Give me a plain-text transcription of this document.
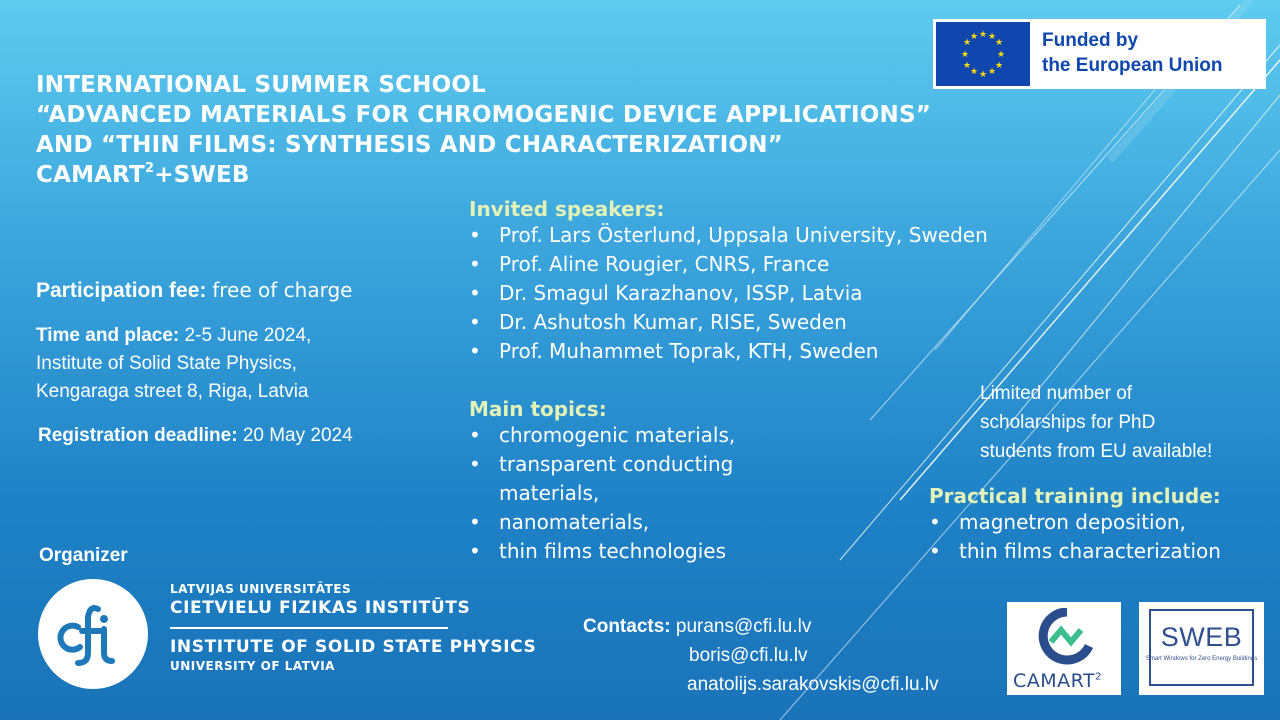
INTERNATIONAL SUMMER SCHOOL
“ADVANCED MATERIALS FOR CHROMOGENIC DEVICE APPLICATIONS”
AND “THIN FILMS: SYNTHESIS AND CHARACTERIZATION”
$CAMART^2+SWEB$
★ ★
★
★
★
★
★
★
★
★
★
★	Funded by
the European Union
Participation fee: free of charge
Time and place: 2-5 June 2024,
Institute of Solid State Physics,
Kengaraga street 8, Riga, Latvia
Registration deadline: 20 May 2024
Invited speakers:
• Prof. Lars Österlund, Uppsala University, Sweden
• Prof. Aline Rougier, CNRS, France
• Dr. Smagul Karazhanov, ISSP, Latvia
• Dr. Ashutosh Kumar, RISE, Sweden
• Prof. Muhammet Toprak, KTH, Sweden
Main topics:
• chromogenic materials,
• transparent conducting materials,
• nanomaterials,
• thin films technologies
Limited number of
scholarships for PhD
students from EU available!
Practical training include:
• magnetron deposition,
• thin films characterization
Organizer
LATVIJAS UNIVERSITĀTES
CIETVIELU FIZIKAS INSTITŪTS
INSTITUTE OF SOLID STATE PHYSICS
UNIVERSITY OF LATVIA
Contacts: purans@cfi.lu.lv
boris@cfi.lu.lv
anatolijs.sarakovskis@cfi.lu.lv	CAMART$^2$
SWEB
Smart Windows for Zero Energy Buildings
